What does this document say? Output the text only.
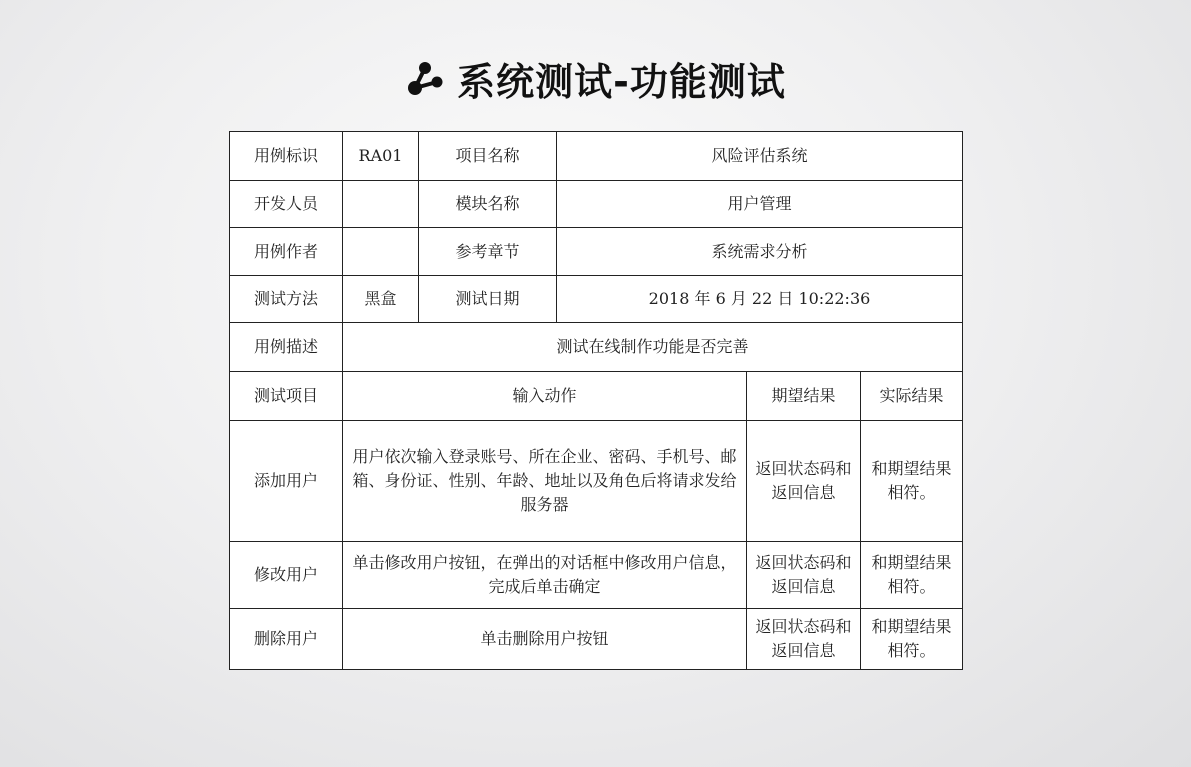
系统测试-功能测试
用例标识	RA01	项目名称	风险评估系统		
开发人员		模块名称	用户管理		
用例作者		参考章节	系统需求分析		
测试方法	黑盒	测试日期	2018 年 6 月 22 日 10:22:36		
用例描述	测试在线制作功能是否完善				
测试项目	输入动作			期望结果	实际结果
添加用户	用户依次输入登录账号、所在企业、密码、手机号、邮箱、身份证、性别、年龄、地址以及角色后将请求发给服务器			返回状态码和返回信息	和期望结果相符。
修改用户	单击修改用户按钮，在弹出的对话框中修改用户信息，完成后单击确定			返回状态码和返回信息	和期望结果相符。
删除用户	单击删除用户按钮			返回状态码和返回信息	和期望结果相符。
